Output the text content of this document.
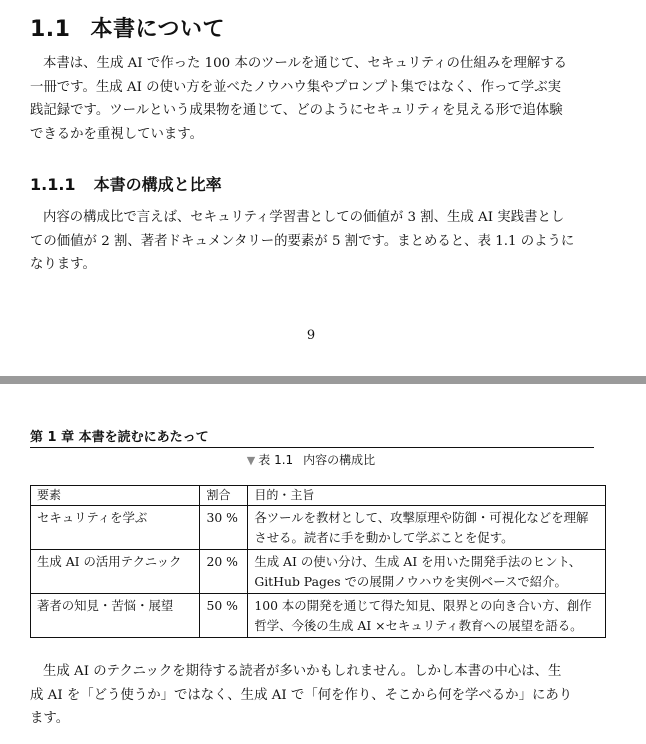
1.1 本書について
本書は、生成 AI で作った 100 本のツールを通じて、セキュリティの仕組みを理解する
一冊です。生成 AI の使い方を並べたノウハウ集やプロンプト集ではなく、作って学ぶ実
践記録です。ツールという成果物を通じて、どのようにセキュリティを見える形で追体験
できるかを重視しています。
1.1.1 本書の構成と比率
内容の構成比で言えば、セキュリティ学習書としての価値が 3 割、生成 AI 実践書とし
ての価値が 2 割、著者ドキュメンタリー的要素が 5 割です。まとめると、表 1.1 のように
なります。
9
第 1 章 本書を読むにあたって
▼ 表 1.1 内容の構成比
要素	割合	目的・主旨
セキュリティを学ぶ	30 %	各ツールを教材として、攻撃原理や防御・可視化などを理解
させる。読者に手を動かして学ぶことを促す。

生成 AI の活用テクニック	20 %	生成 AI の使い分け、生成 AI を用いた開発手法のヒント、
GitHub Pages での展開ノウハウを実例ベースで紹介。

著者の知見・苦悩・展望	50 %	100 本の開発を通じて得た知見、限界との向き合い方、創作
哲学、今後の生成 AI ×セキュリティ教育への展望を語る。
生成 AI のテクニックを期待する読者が多いかもしれません。しかし本書の中心は、生
成 AI を「どう使うか」ではなく、生成 AI で「何を作り、そこから何を学べるか」にあり
ます。
